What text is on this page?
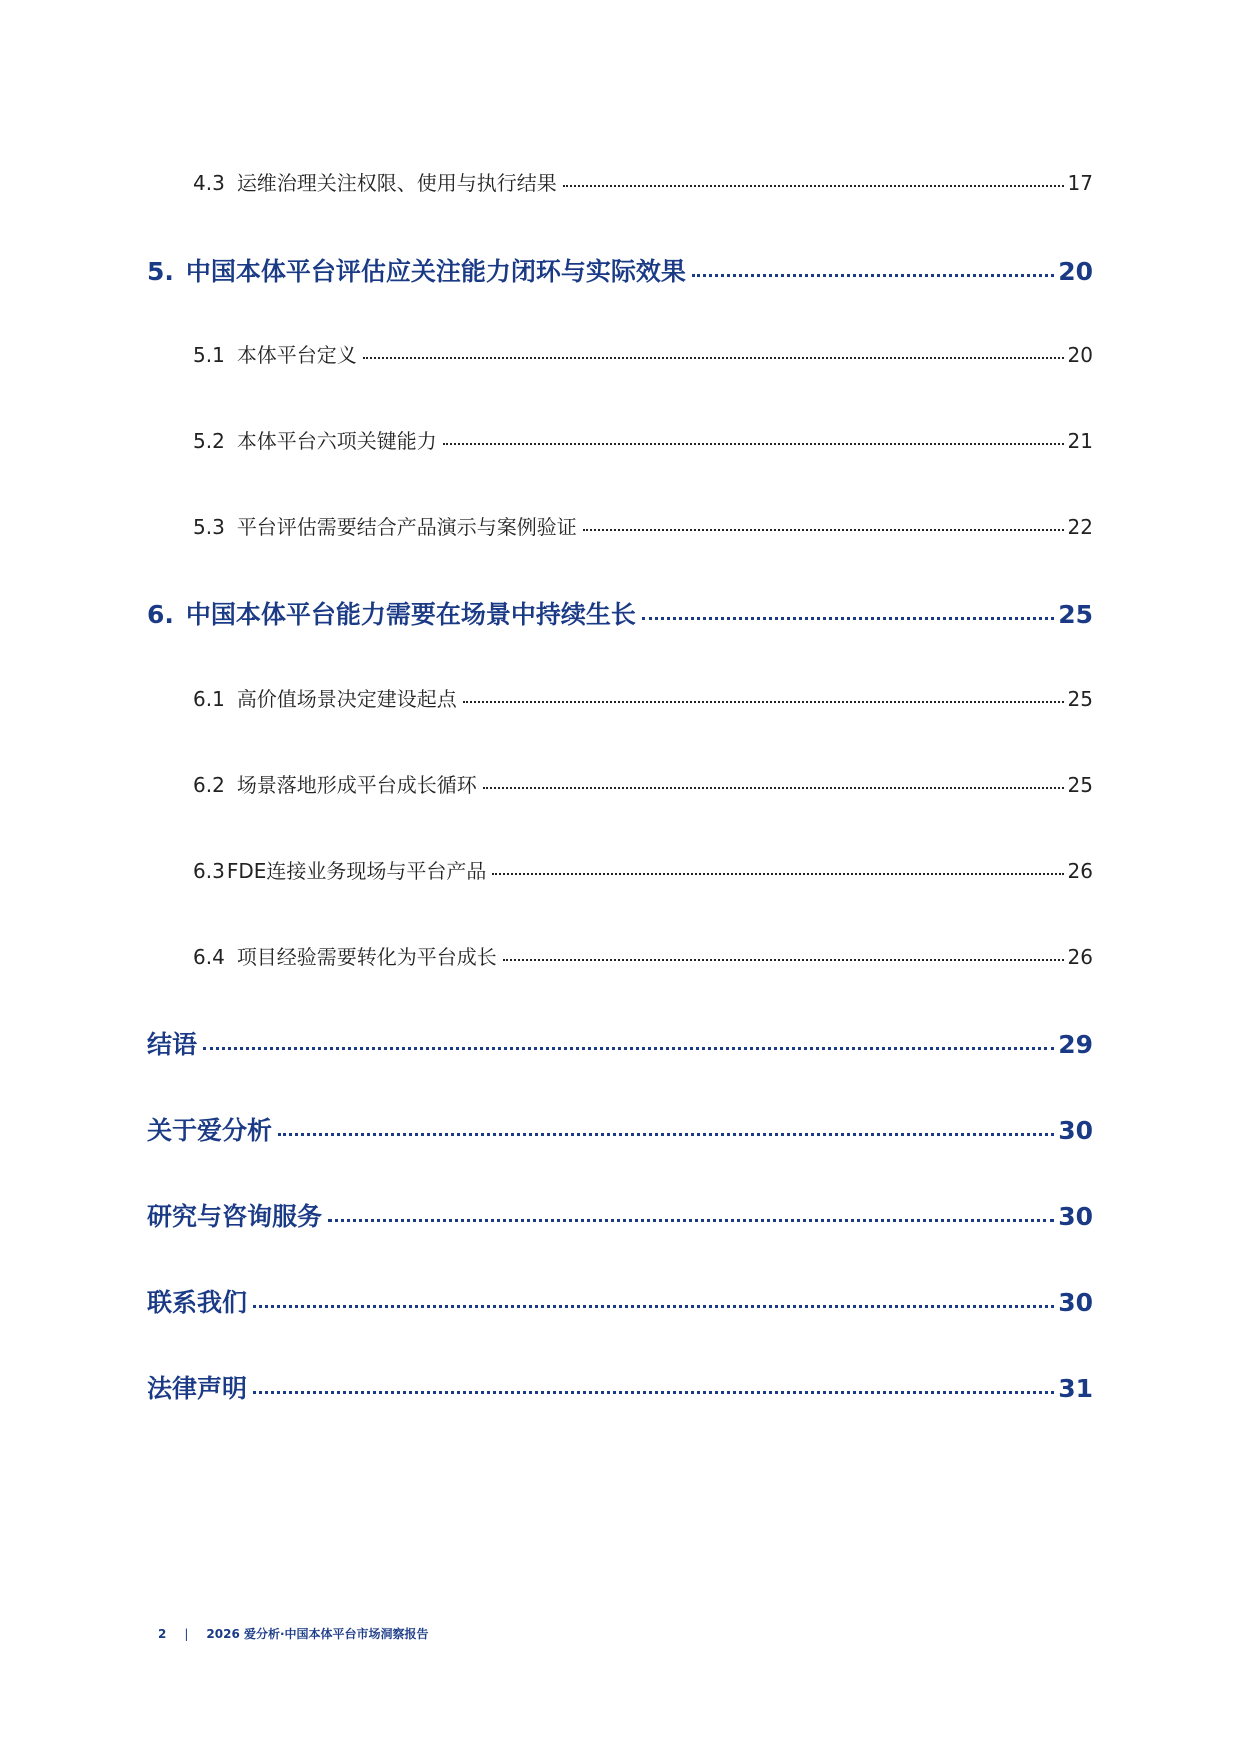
4.3 运维治理关注权限、使用与执行结果	17
5. 中国本体平台评估应关注能力闭环与实际效果	20
5.1 本体平台定义	20
5.2 本体平台六项关键能力	21
5.3 平台评估需要结合产品演示与案例验证	22
6. 中国本体平台能力需要在场景中持续生长	25
6.1 高价值场景决定建设起点	25
6.2 场景落地形成平台成长循环	25
6.3 FDE连接业务现场与平台产品	26
6.4 项目经验需要转化为平台成长	26
结语	29
关于爱分析	30
研究与咨询服务	30
联系我们	30
法律声明	31
2 | 2026 爱分析·中国本体平台市场洞察报告
